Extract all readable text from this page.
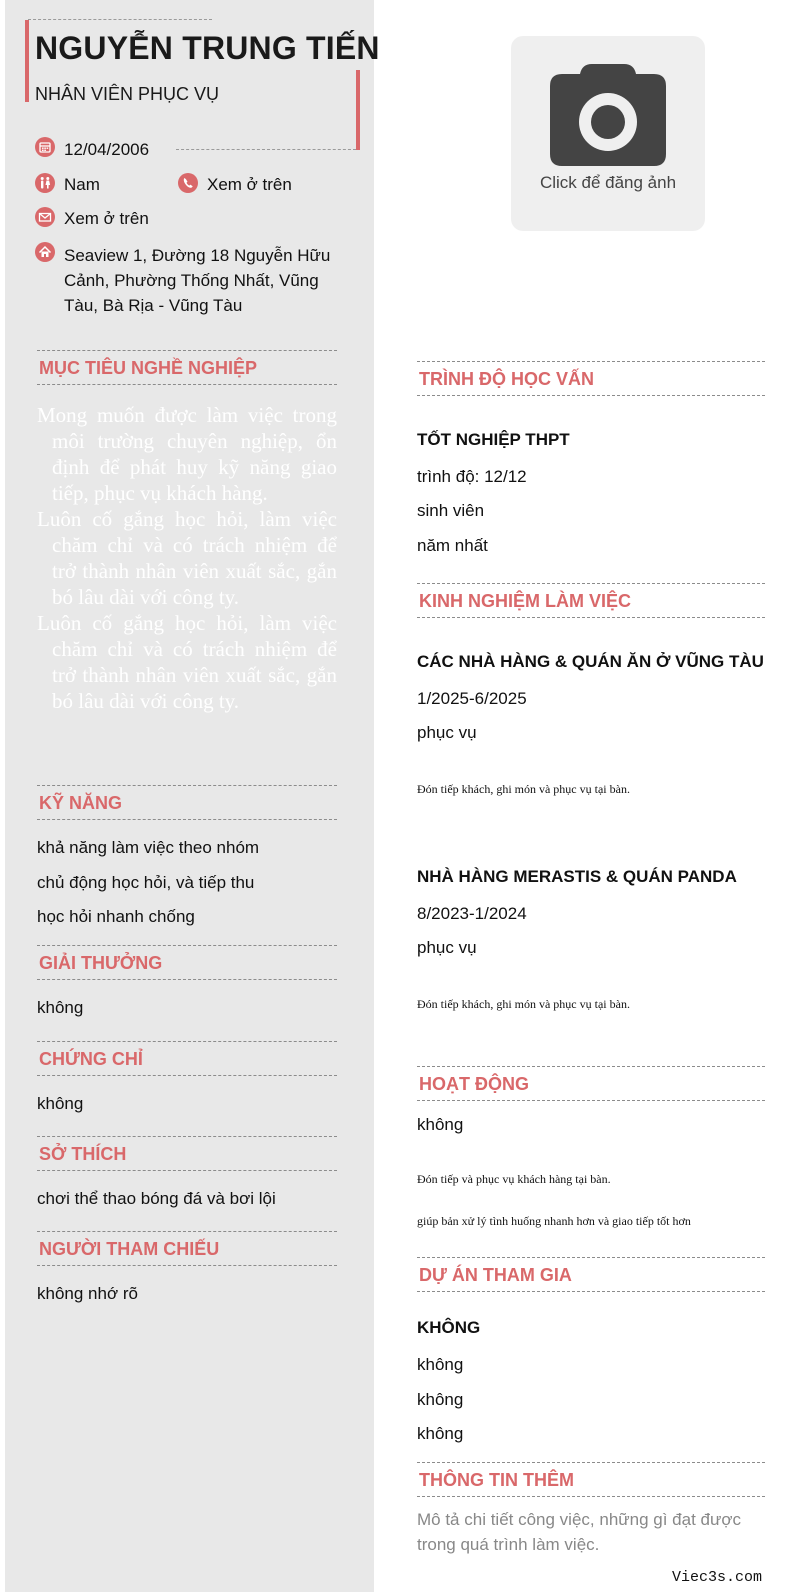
NGUYỄN TRUNG TIẾN
NHÂN VIÊN PHỤC VỤ
12/04/2006
Nam	Xem ở trên
Xem ở trên
Seaview 1, Đường 18 Nguyễn Hữu Cảnh, Phường Thống Nhất, Vũng Tàu, Bà Rịa - Vũng Tàu
Click để đăng ảnh
MỤC TIÊU NGHỀ NGHIỆP

Mong muốn được làm việc trong môi trường chuyên nghiệp, ổn định để phát huy kỹ năng giao tiếp, phục vụ khách hàng.

Luôn cố gắng học hỏi, làm việc chăm chỉ và có trách nhiệm để trở thành nhân viên xuất sắc, gắn bó lâu dài với công ty.

Luôn cố gắng học hỏi, làm việc chăm chỉ và có trách nhiệm để trở thành nhân viên xuất sắc, gắn bó lâu dài với công ty.

KỸ NĂNG
khả năng làm việc theo nhóm
chủ động học hỏi, và tiếp thu
học hỏi nhanh chống
GIẢI THƯỞNG
không
CHỨNG CHỈ
không
SỞ THÍCH
chơi thể thao bóng đá và bơi lội
NGƯỜI THAM CHIẾU
không nhớ rõ
TRÌNH ĐỘ HỌC VẤN
TỐT NGHIỆP THPT
trình độ: 12/12
sinh viên
năm nhất
KINH NGHIỆM LÀM VIỆC
CÁC NHÀ HÀNG & QUÁN ĂN Ở VŨNG TÀU
1/2025-6/2025
phục vụ
Đón tiếp khách, ghi món và phục vụ tại bàn.
NHÀ HÀNG MERASTIS & QUÁN PANDA
8/2023-1/2024
phục vụ
Đón tiếp khách, ghi món và phục vụ tại bàn.
HOẠT ĐỘNG
không
Đón tiếp và phục vụ khách hàng tại bàn.
giúp bản xử lý tình huống nhanh hơn và giao tiếp tốt hơn
DỰ ÁN THAM GIA
KHÔNG
không
không
không
THÔNG TIN THÊM
Mô tả chi tiết công việc, những gì đạt được trong quá trình làm việc.
Viec3s.com
